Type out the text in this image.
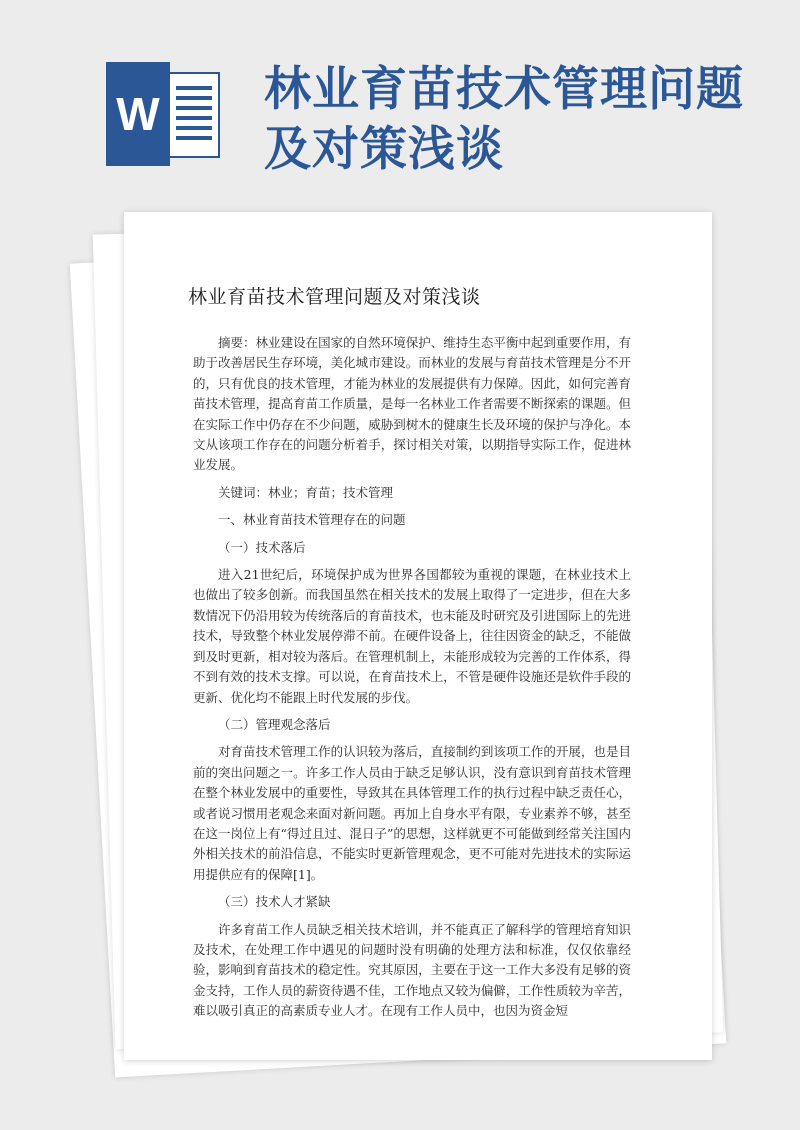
W 林业育苗技术管理问题
及对策浅谈
林业育苗技术管理问题及对策浅谈

摘要：林业建设在国家的自然环境保护、维持生态平衡中起到重要作用，有助于改善居民生存环境，美化城市建设。而林业的发展与育苗技术管理是分不开的，只有优良的技术管理，才能为林业的发展提供有力保障。因此，如何完善育苗技术管理，提高育苗工作质量，是每一名林业工作者需要不断探索的课题。但在实际工作中仍存在不少问题，威胁到树木的健康生长及环境的保护与净化。本文从该项工作存在的问题分析着手，探讨相关对策，以期指导实际工作，促进林业发展。

关键词：林业；育苗；技术管理

一、林业育苗技术管理存在的问题

（一）技术落后

进入21世纪后，环境保护成为世界各国都较为重视的课题，在林业技术上也做出了较多创新。而我国虽然在相关技术的发展上取得了一定进步，但在大多数情况下仍沿用较为传统落后的育苗技术，也未能及时研究及引进国际上的先进技术，导致整个林业发展停滞不前。在硬件设备上，往往因资金的缺乏，不能做到及时更新，相对较为落后。在管理机制上，未能形成较为完善的工作体系，得不到有效的技术支撑。可以说，在育苗技术上，不管是硬件设施还是软件手段的更新、优化均不能跟上时代发展的步伐。

（二）管理观念落后

对育苗技术管理工作的认识较为落后，直接制约到该项工作的开展，也是目前的突出问题之一。许多工作人员由于缺乏足够认识，没有意识到育苗技术管理在整个林业发展中的重要性，导致其在具体管理工作的执行过程中缺乏责任心，或者说习惯用老观念来面对新问题。再加上自身水平有限，专业素养不够，甚至在这一岗位上有“得过且过、混日子”的思想，这样就更不可能做到经常关注国内外相关技术的前沿信息，不能实时更新管理观念，更不可能对先进技术的实际运用提供应有的保障[1]。

（三）技术人才紧缺

许多育苗工作人员缺乏相关技术培训，并不能真正了解科学的管理培育知识及技术，在处理工作中遇见的问题时没有明确的处理方法和标准，仅仅依靠经验，影响到育苗技术的稳定性。究其原因，主要在于这一工作大多没有足够的资金支持，工作人员的薪资待遇不佳，工作地点又较为偏僻，工作性质较为辛苦，难以吸引真正的高素质专业人才。在现有工作人员中，也因为资金短
